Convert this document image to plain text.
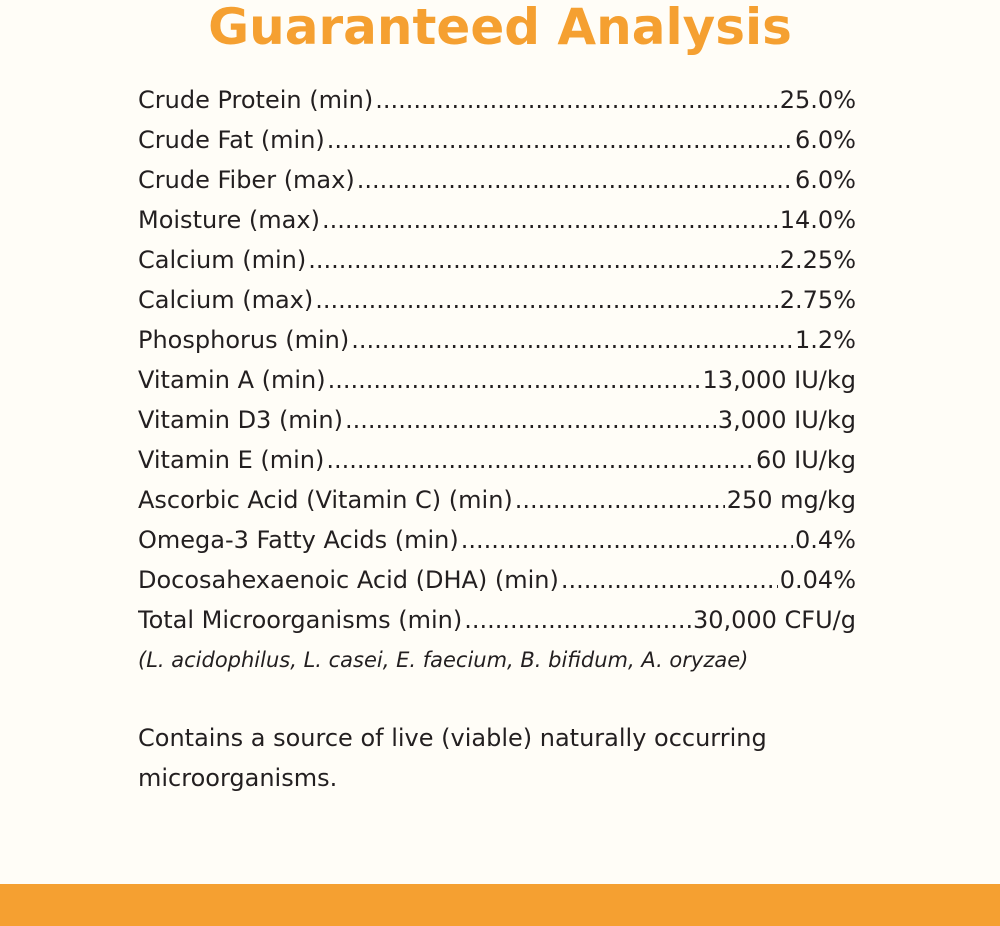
Guaranteed Analysis
Crude Protein (min) .....	25.0%
Crude Fat (min) .....	6.0%
Crude Fiber (max) .....	6.0%
Moisture (max) .....	14.0%
Calcium (min) .....	2.25%
Calcium (max) .....	2.75%
Phosphorus (min) .....	1.2%
Vitamin A (min) .....	13,000 IU/kg
Vitamin D3 (min) .....	3,000 IU/kg
Vitamin E (min) .....	60 IU/kg
Ascorbic Acid (Vitamin C) (min) .....	250 mg/kg
Omega-3 Fatty Acids (min) .....	0.4%
Docosahexaenoic Acid (DHA) (min) .....	0.04%
Total Microorganisms (min) .....	30,000 CFU/g
(L. acidophilus, L. casei, E. faecium, B. bifidum, A. oryzae)
Contains a source of live (viable) naturally occurring microorganisms.
